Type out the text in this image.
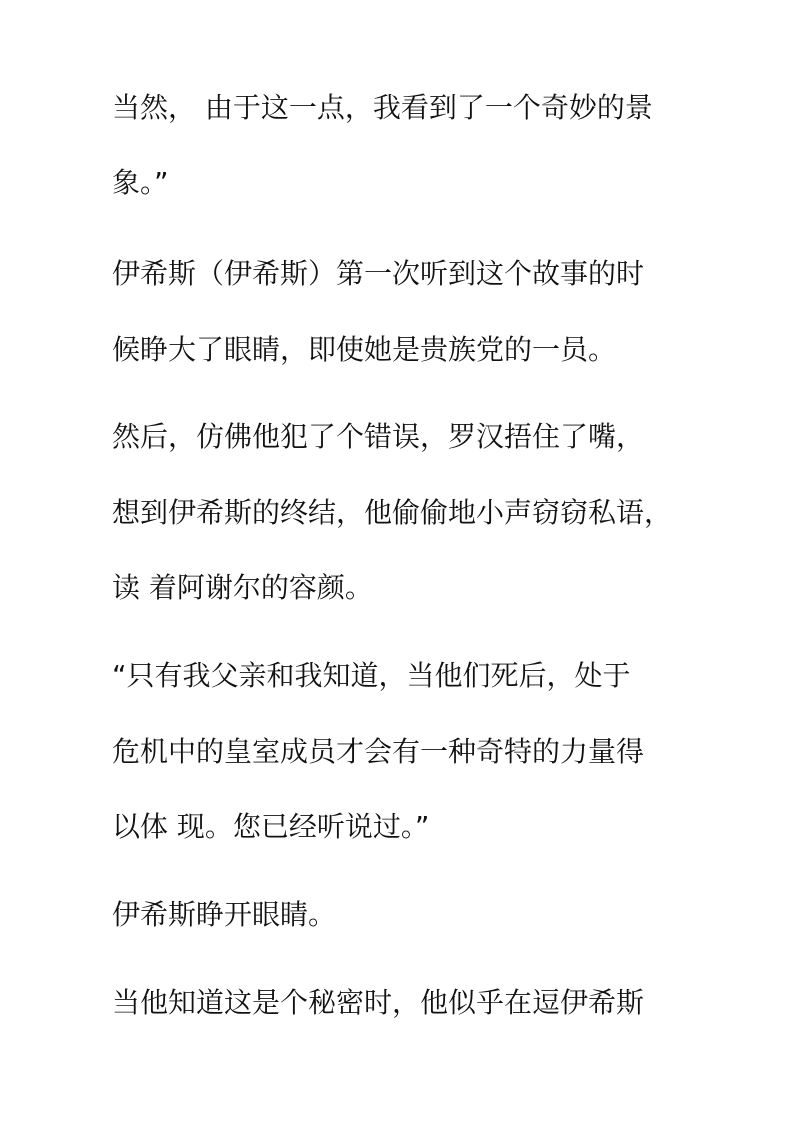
当然， 由于这一点，我看到了一个奇妙的景
象。”
伊希斯（伊希斯）第一次听到这个故事的时
候睁大了眼睛，即使她是贵族党的一员。
然后，仿佛他犯了个错误，罗汉捂住了嘴，
想到伊希斯的终结，他偷偷地小声窃窃私语，
读 着阿谢尔的容颜。
“只有我父亲和我知道，当他们死后，处于
危机中的皇室成员才会有一种奇特的力量得
以体 现。您已经听说过。”
伊希斯睁开眼睛。
当他知道这是个秘密时，他似乎在逗伊希斯
